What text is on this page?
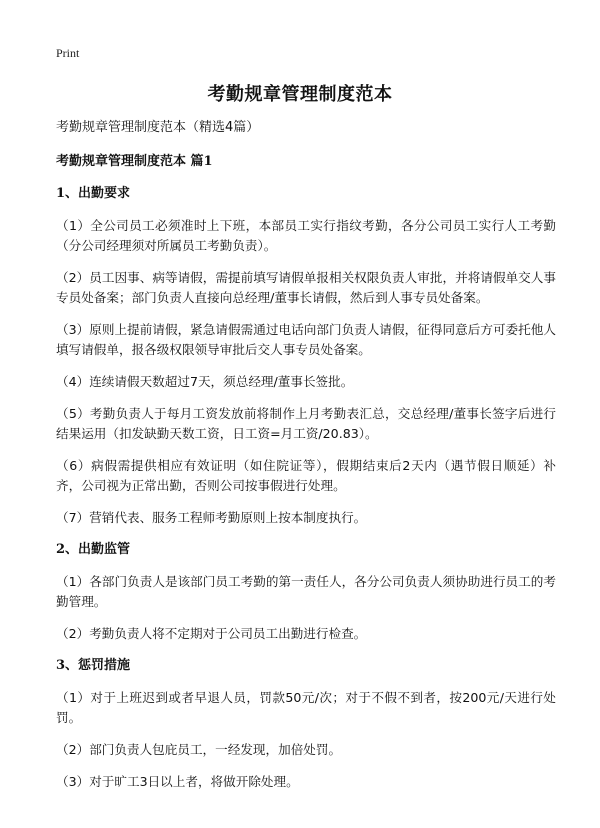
Print
考勤规章管理制度范本
考勤规章管理制度范本（精选4篇）
考勤规章管理制度范本 篇1
1、出勤要求
（1）全公司员工必须准时上下班，本部员工实行指纹考勤，各分公司员工实行人工考勤（分公司经理须对所属员工考勤负责）。
（2）员工因事、病等请假，需提前填写请假单报相关权限负责人审批，并将请假单交人事专员处备案；部门负责人直接向总经理/董事长请假，然后到人事专员处备案。
（3）原则上提前请假，紧急请假需通过电话向部门负责人请假，征得同意后方可委托他人填写请假单，报各级权限领导审批后交人事专员处备案。
（4）连续请假天数超过7天，须总经理/董事长签批。
（5）考勤负责人于每月工资发放前将制作上月考勤表汇总，交总经理/董事长签字后进行结果运用（扣发缺勤天数工资，日工资=月工资/20.83）。
（6）病假需提供相应有效证明（如住院证等），假期结束后2天内（遇节假日顺延）补齐，公司视为正常出勤，否则公司按事假进行处理。
（7）营销代表、服务工程师考勤原则上按本制度执行。
2、出勤监管
（1）各部门负责人是该部门员工考勤的第一责任人，各分公司负责人须协助进行员工的考勤管理。
（2）考勤负责人将不定期对于公司员工出勤进行检查。
3、惩罚措施
（1）对于上班迟到或者早退人员，罚款50元/次；对于不假不到者，按200元/天进行处罚。
（2）部门负责人包庇员工，一经发现，加倍处罚。
（3）对于旷工3日以上者，将做开除处理。
